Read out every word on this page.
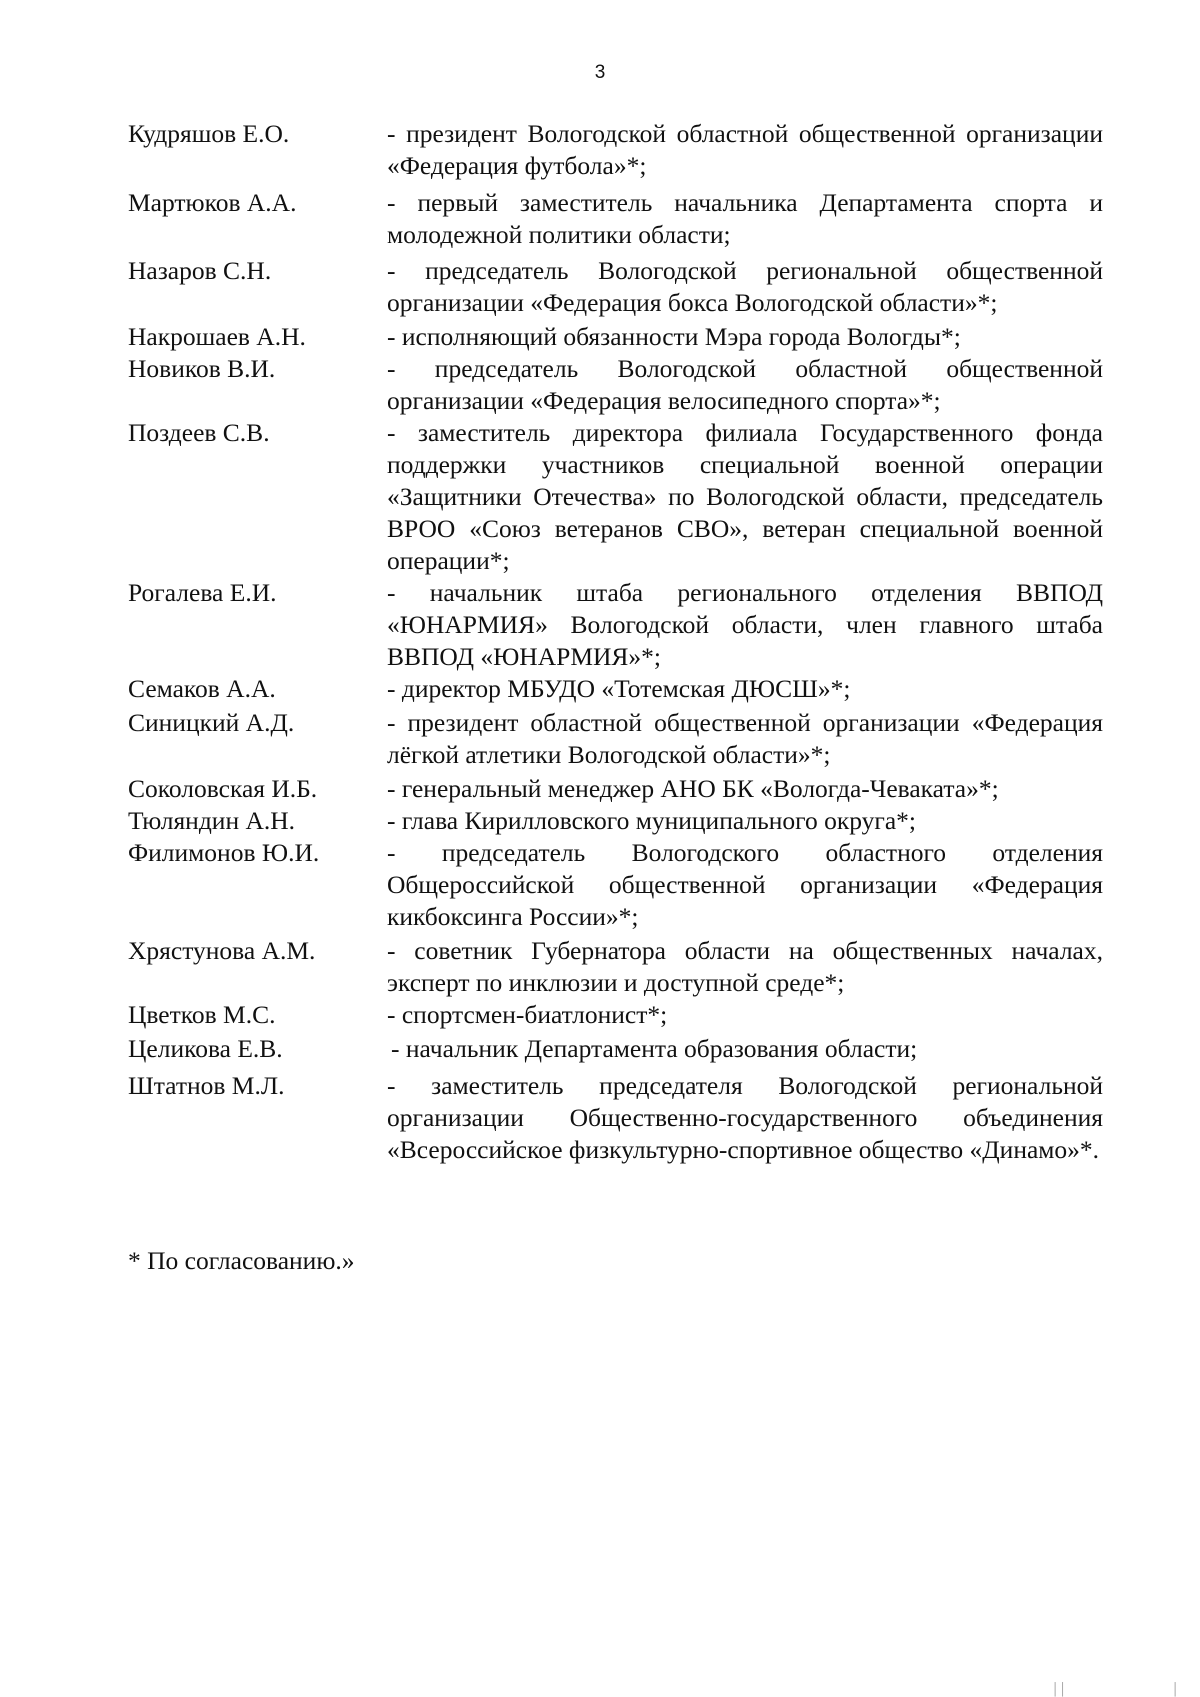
3
Кудряшов Е.О.	- президент Вологодской областной общественной организации «Федерация футбола»*;
Мартюков А.А.	- первый заместитель начальника Департамента спорта и молодежной политики области;
Назаров С.Н.	- председатель Вологодской региональной общественной организации «Федерация бокса Вологодской области»*;
Накрошаев А.Н.	- исполняющий обязанности Мэра города Вологды*;
Новиков В.И.	- председатель Вологодской областной общественной организации «Федерация велосипедного спорта»*;
Поздеев С.В.	- заместитель директора филиала Государственного фонда поддержки участников специальной военной операции «Защитники Отечества» по Вологодской области, председатель ВРОО «Союз ветеранов СВО», ветеран специальной военной операции*;
Рогалева Е.И.	- начальник штаба регионального отделения ВВПОД «ЮНАРМИЯ» Вологодской области, член главного штаба ВВПОД «ЮНАРМИЯ»*;
Семаков А.А.	- директор МБУДО «Тотемская ДЮСШ»*;
Синицкий А.Д.	- президент областной общественной организации «Федерация лёгкой атлетики Вологодской области»*;
Соколовская И.Б.	- генеральный менеджер АНО БК «Вологда-Чеваката»*;
Тюляндин А.Н.	- глава Кирилловского муниципального округа*;
Филимонов Ю.И.	- председатель Вологодского областного отделения Общероссийской общественной организации «Федерация кикбоксинга России»*;
Хрястунова А.М.	- советник Губернатора области на общественных началах, эксперт по инклюзии и доступной среде*;
Цветков М.С.	- спортсмен-биатлонист*;
Целикова Е.В.	- начальник Департамента образования области;
Штатнов М.Л.	- заместитель председателя Вологодской региональной организации Общественно-государственного объединения «Всероссийское физкультурно-спортивное общество «Динамо»*.
* По согласованию.»
││	│
